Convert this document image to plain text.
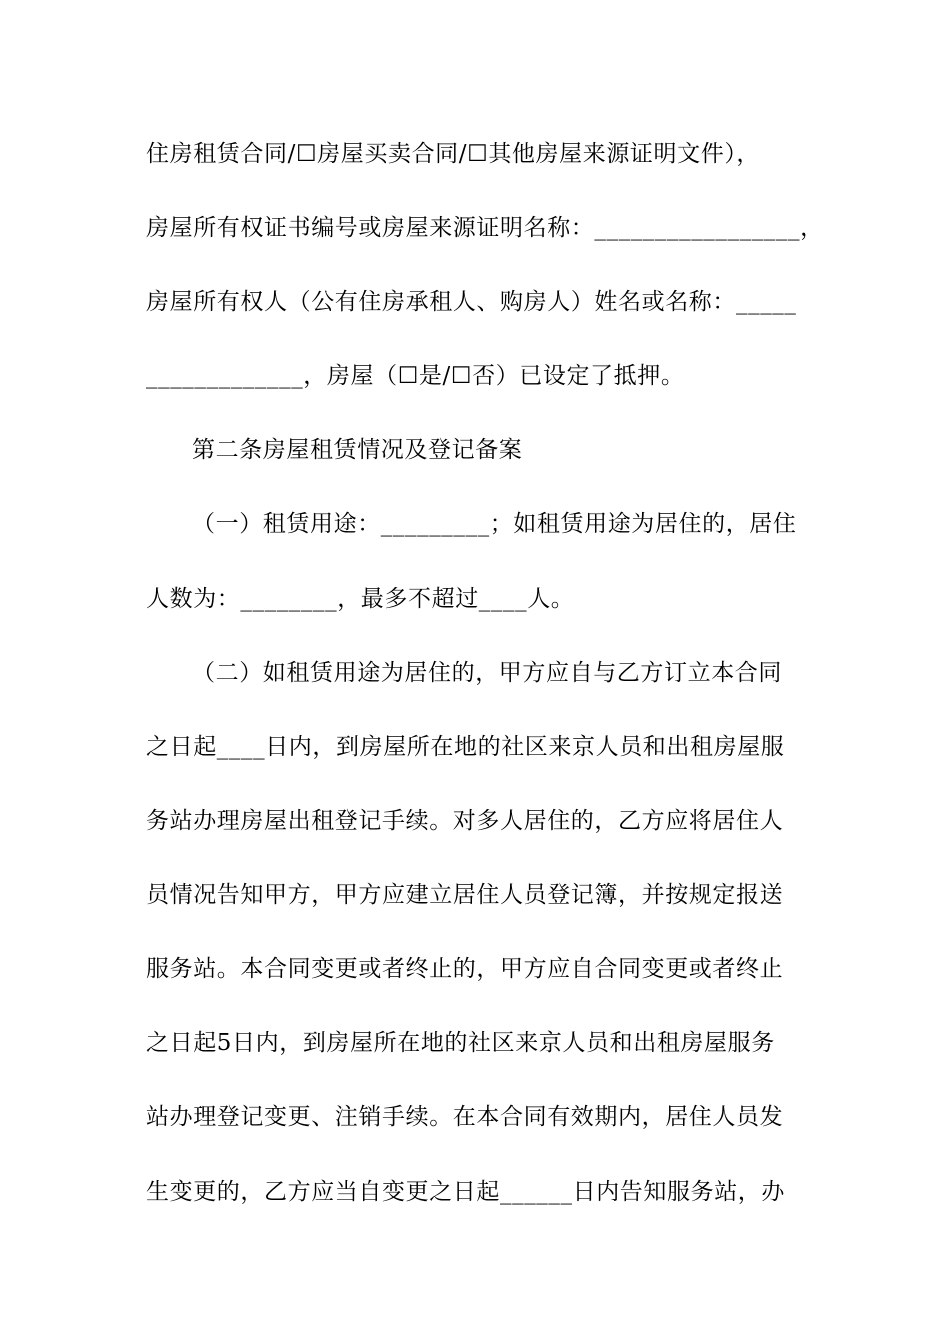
住房租赁合同/☐房屋买卖合同/☐其他房屋来源证明文件），
房屋所有权证书编号或房屋来源证明名称：_________________，
房屋所有权人（公有住房承租人、购房人）姓名或名称：_____
_____________，房屋（☐是/☐否）已设定了抵押。
第二条房屋租赁情况及登记备案
（一）租赁用途：_________；如租赁用途为居住的，居住
人数为：________，最多不超过____人。
（二）如租赁用途为居住的，甲方应自与乙方订立本合同
之日起____日内，到房屋所在地的社区来京人员和出租房屋服
务站办理房屋出租登记手续。对多人居住的，乙方应将居住人
员情况告知甲方，甲方应建立居住人员登记簿，并按规定报送
服务站。本合同变更或者终止的，甲方应自合同变更或者终止
之日起5日内，到房屋所在地的社区来京人员和出租房屋服务
站办理登记变更、注销手续。在本合同有效期内，居住人员发
生变更的，乙方应当自变更之日起______日内告知服务站，办
